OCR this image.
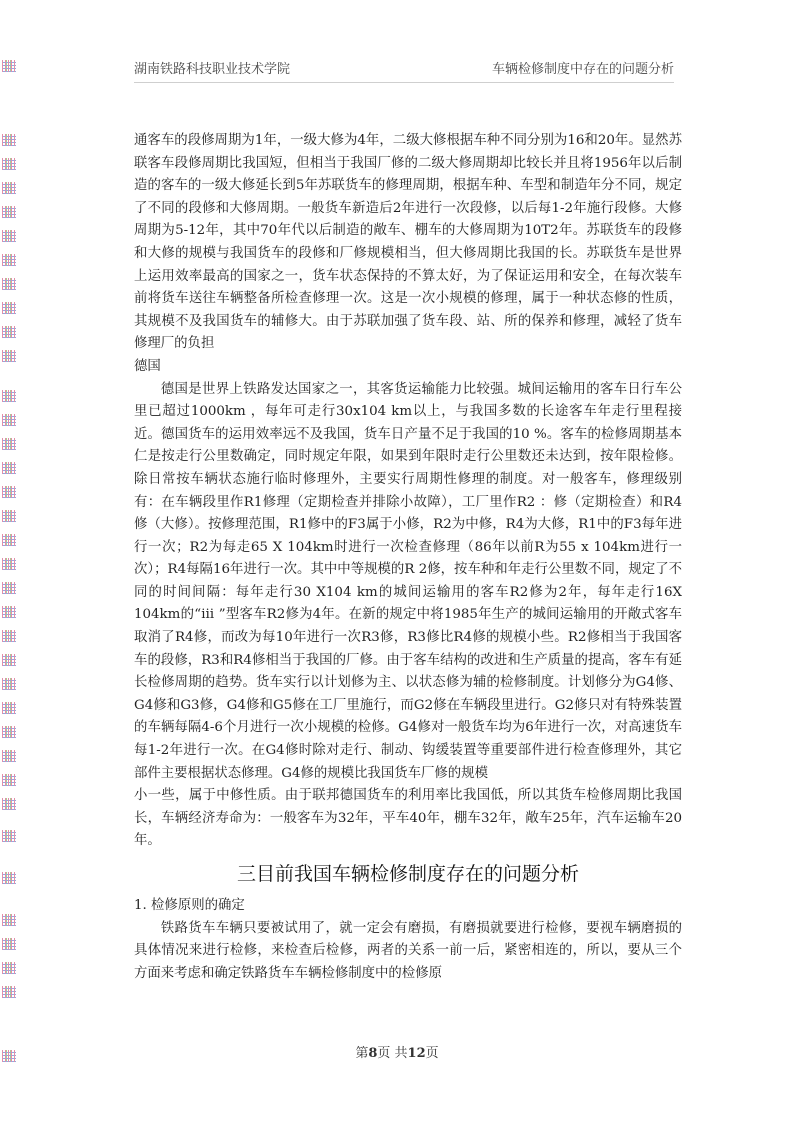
湖南铁路科技职业技术学院	车辆检修制度中存在的问题分析

通客车的段修周期为1年，一级大修为4年，二级大修根据车种不同分别为16和20年。显然苏联客车段修周期比我国短，但相当于我国厂修的二级大修周期却比较长并且将1956年以后制造的客车的一级大修延长到5年苏联货车的修理周期，根据车种、车型和制造年分不同，规定了不同的段修和大修周期。一般货车新造后2年进行一次段修，以后每1-2年施行段修。大修周期为5-12年，其中70年代以后制造的敞车、棚车的大修周期为10T2年。苏联货车的段修和大修的规模与我国货车的段修和厂修规模相当，但大修周期比我国的长。苏联货车是世界上运用效率最高的国家之一，货车状态保持的不算太好，为了保证运用和安全，在每次装车前将货车送往车辆整备所检查修理一次。这是一次小规模的修理，属于一种状态修的性质，其规模不及我国货车的辅修大。由于苏联加强了货车段、站、所的保养和修理，减轻了货车修理厂的负担

德国

德国是世界上铁路发达国家之一，其客货运输能力比较强。城间运输用的客车日行车公里已超过1000km ，每年可走行30x104 km以上，与我国多数的长途客车年走行里程接近。德国货车的运用效率远不及我国，货车日产量不足于我国的10 %。客车的检修周期基本仁是按走行公里数确定，同时规定年限，如果到年限时走行公里数还未达到，按年限检修。除日常按车辆状态施行临时修理外，主要实行周期性修理的制度。对一般客车，修理级别有：在车辆段里作R1修理（定期检查并排除小故障），工厂里作R2 ：修（定期检查）和R4修（大修）。按修理范围，R1修中的F3属于小修，R2为中修，R4为大修，R1中的F3每年进行一次；R2为每走65 X 104km时进行一次检查修理（86年以前R为55 x 104km进行一次）；R4每隔16年进行一次。其中中等规模的R 2修，按车种和年走行公里数不同，规定了不同的时间间隔：每年走行30 X104 km的城间运输用的客车R2修为2年，每年走行16X 104km的“ⅲ ”型客车R2修为4年。在新的规定中将1985年生产的城间运输用的开敞式客车取消了R4修，而改为每10年进行一次R3修，R3修比R4修的规模小些。R2修相当于我国客车的段修，R3和R4修相当于我国的厂修。由于客车结构的改进和生产质量的提高，客车有延长检修周期的趋势。货车实行以计划修为主、以状态修为辅的检修制度。计划修分为G4修、G4修和G3修，G4修和G5修在工厂里施行，而G2修在车辆段里进行。G2修只对有特殊装置的车辆每隔4-6个月进行一次小规模的检修。G4修对一般货车均为6年进行一次，对高速货车每1-2年进行一次。在G4修时除对走行、制动、钩缓装置等重要部件进行检查修理外，其它部件主要根据状态修理。G4修的规模比我国货车厂修的规模

小一些，属于中修性质。由于联邦德国货车的利用率比我国低，所以其货车检修周期比我国长，车辆经济寿命为：一般客车为32年，平车40年，棚车32年，敞车25年，汽车运输车20年。

三目前我国车辆检修制度存在的问题分析

1. 检修原则的确定

铁路货车车辆只要被试用了，就一定会有磨损，有磨损就要进行检修，要视车辆磨损的具体情况来进行检修，来检查后检修，两者的关系一前一后，紧密相连的，所以，要从三个方面来考虑和确定铁路货车车辆检修制度中的检修原

第8页 共12页
